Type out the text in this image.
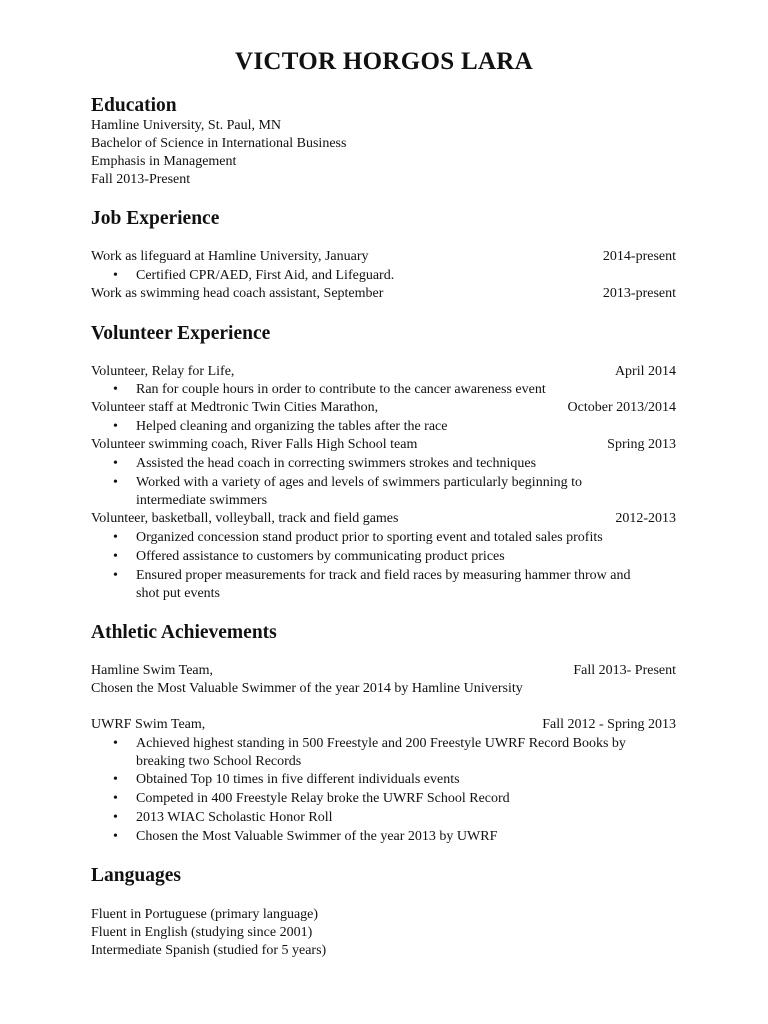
VICTOR HORGOS LARA
Education
Hamline University, St. Paul, MN
Bachelor of Science in International Business
Emphasis in Management
Fall 2013-Present
Job Experience
Work as lifeguard at Hamline University, January	2014-present
•	Certified CPR/AED, First Aid, and Lifeguard.
Work as swimming head coach assistant, September	2013-present
Volunteer Experience
Volunteer, Relay for Life,	April 2014
•	Ran for couple hours in order to contribute to the cancer awareness event
Volunteer staff at Medtronic Twin Cities Marathon,	October 2013/2014
•	Helped cleaning and organizing the tables after the race
Volunteer swimming coach, River Falls High School team	Spring 2013
•	Assisted the head coach in correcting swimmers strokes and techniques
•	Worked with a variety of ages and levels of swimmers particularly beginning to
intermediate swimmers
Volunteer, basketball, volleyball, track and field games	2012-2013
•	Organized concession stand product prior to sporting event and totaled sales profits
•	Offered assistance to customers by communicating product prices
•	Ensured proper measurements for track and field races by measuring hammer throw and
shot put events
Athletic Achievements
Hamline Swim Team,	Fall 2013- Present
Chosen the Most Valuable Swimmer of the year 2014 by Hamline University
UWRF Swim Team,	Fall 2012 - Spring 2013
•	Achieved highest standing in 500 Freestyle and 200 Freestyle UWRF Record Books by
breaking two School Records
•	Obtained Top 10 times in five different individuals events
•	Competed in 400 Freestyle Relay broke the UWRF School Record
•	2013 WIAC Scholastic Honor Roll
•	Chosen the Most Valuable Swimmer of the year 2013 by UWRF
Languages
Fluent in Portuguese (primary language)
Fluent in English (studying since 2001)
Intermediate Spanish (studied for 5 years)
